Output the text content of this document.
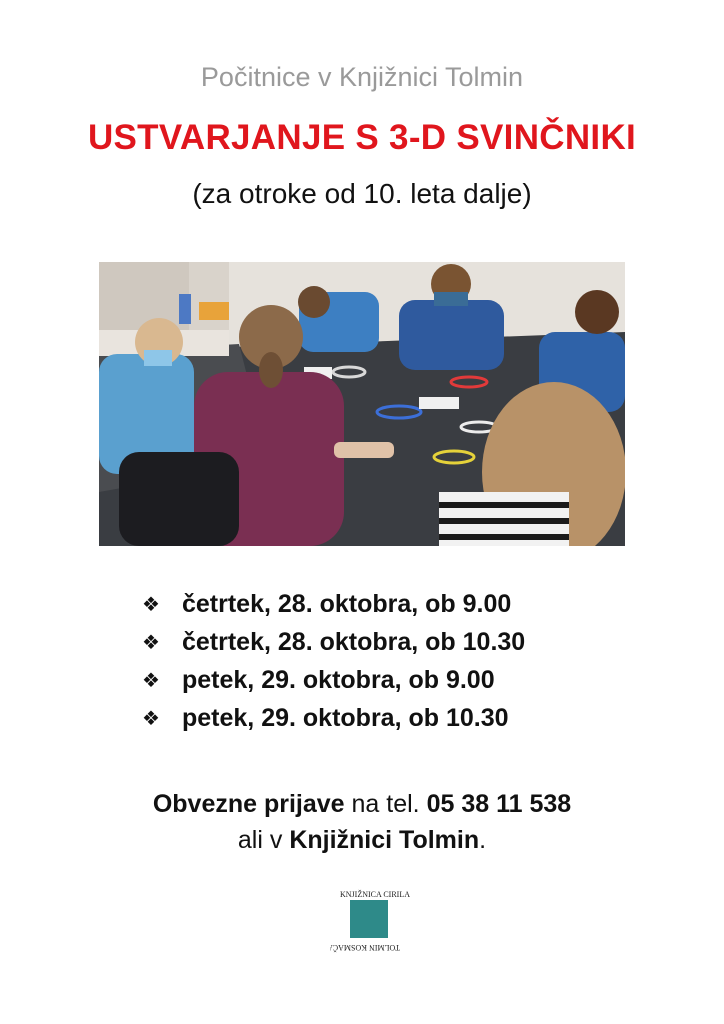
Počitnice v Knjižnici Tolmin
USTVARJANJE S 3-D SVINČNIKI
(za otroke od 10. leta dalje)
❖ četrtek, 28. oktobra, ob 9.00
❖ četrtek, 28. oktobra, ob 10.30
❖ petek, 29. oktobra, ob 9.00
❖ petek, 29. oktobra, ob 10.30
Obvezne prijave na tel. 05 38 11 538
ali v Knjižnici Tolmin.
KNJIŽNICA CIRILA
TOLMIN KOSMAČA
